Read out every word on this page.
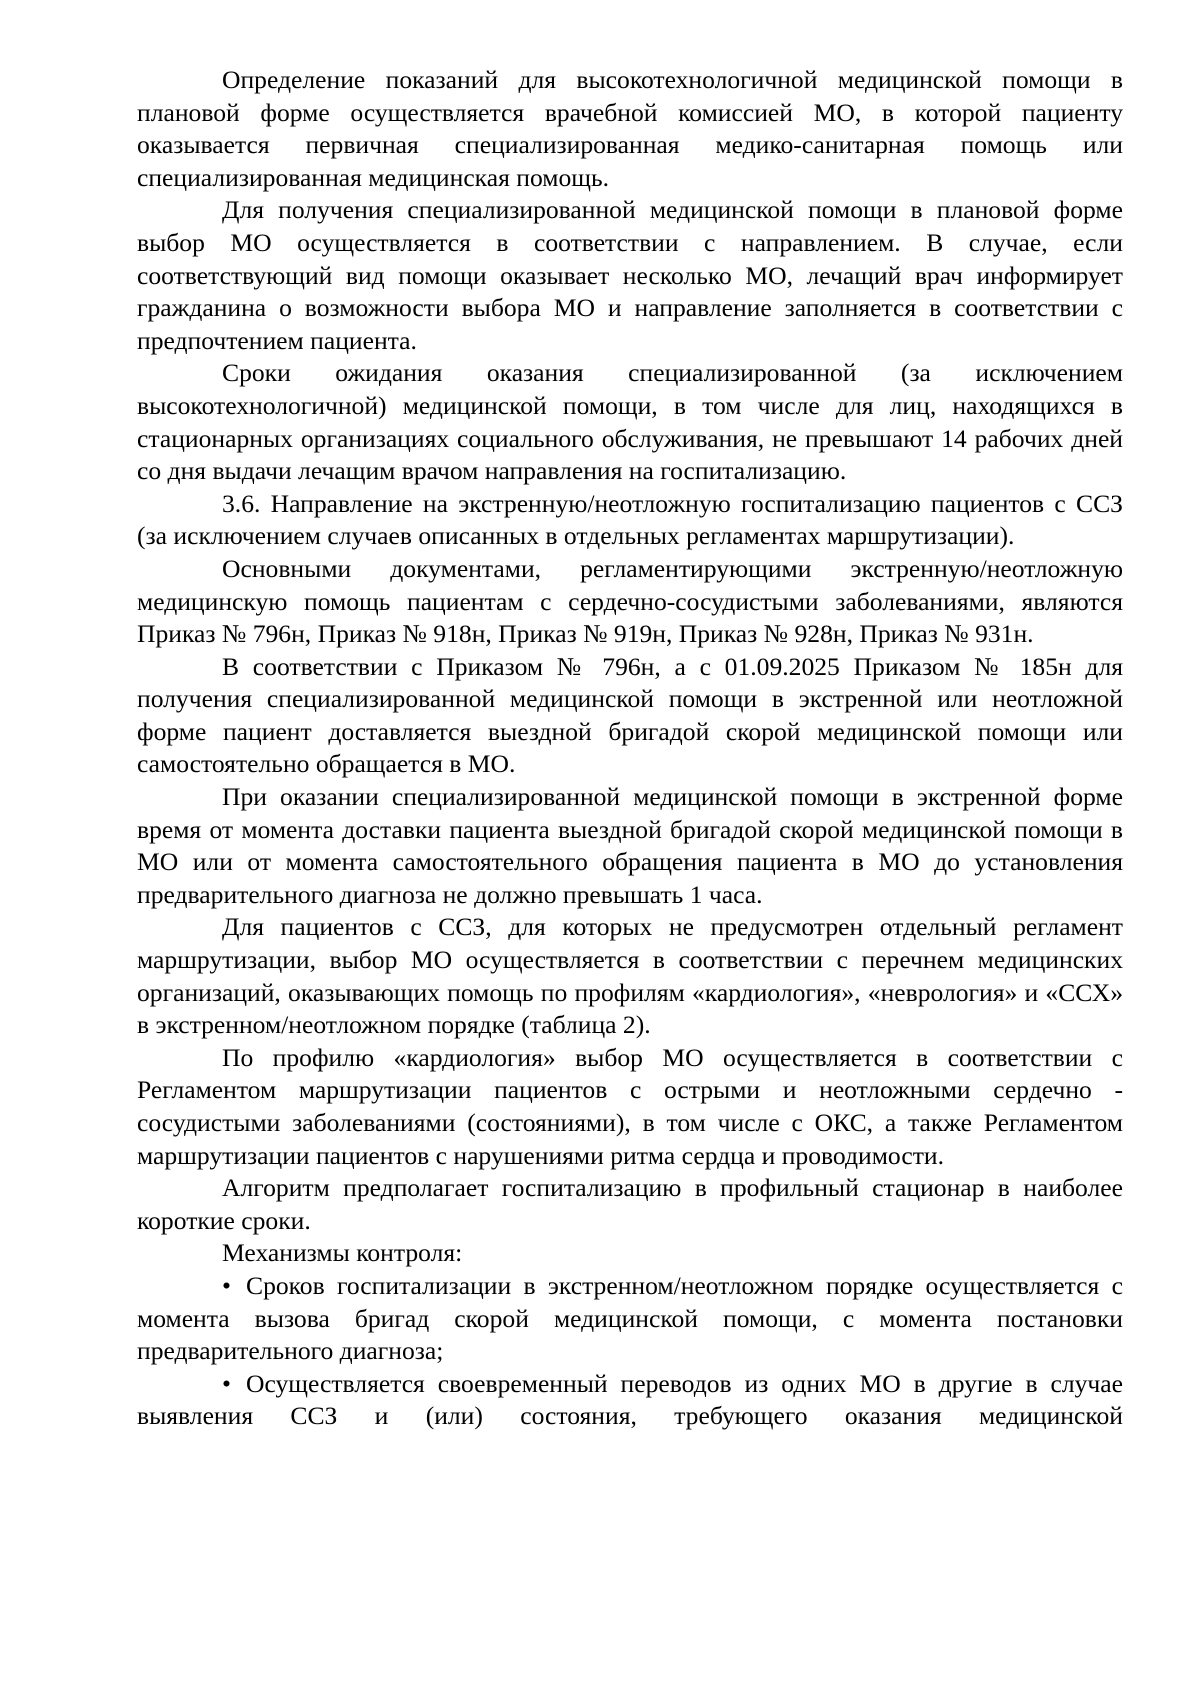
Определение показаний для высокотехнологичной медицинской помощи в плановой форме осуществляется врачебной комиссией МО, в которой пациенту оказывается первичная специализированная медико-санитарная помощь или специализированная медицинская помощь.

Для получения специализированной медицинской помощи в плановой форме выбор МО осуществляется в соответствии с направлением. В случае, если соответствующий вид помощи оказывает несколько МО, лечащий врач информирует гражданина о возможности выбора МО и направление заполняется в соответствии с предпочтением пациента.

Сроки ожидания оказания специализированной (за исключением высокотехнологичной) медицинской помощи, в том числе для лиц, находящихся в стационарных организациях социального обслуживания, не превышают 14 рабочих дней со дня выдачи лечащим врачом направления на госпитализацию.

3.6. Направление на экстренную/неотложную госпитализацию пациентов с ССЗ (за исключением случаев описанных в отдельных регламентах маршрутизации).

Основными документами, регламентирующими экстренную/неотложную медицинскую помощь пациентам с сердечно-сосудистыми заболеваниями, являются Приказ № 796н, Приказ № 918н, Приказ № 919н, Приказ № 928н, Приказ № 931н.

В соответствии с Приказом № 796н, а с 01.09.2025 Приказом № 185н для получения специализированной медицинской помощи в экстренной или неотложной форме пациент доставляется выездной бригадой скорой медицинской помощи или самостоятельно обращается в МО.

При оказании специализированной медицинской помощи в экстренной форме время от момента доставки пациента выездной бригадой скорой медицинской помощи в МО или от момента самостоятельного обращения пациента в МО до установления предварительного диагноза не должно превышать 1 часа.

Для пациентов с ССЗ, для которых не предусмотрен отдельный регламент маршрутизации, выбор МО осуществляется в соответствии с перечнем медицинских организаций, оказывающих помощь по профилям «кардиология», «неврология» и «ССХ» в экстренном/неотложном порядке (таблица 2).

По профилю «кардиология» выбор МО осуществляется в соответствии с Регламентом маршрутизации пациентов с острыми и неотложными сердечно - сосудистыми заболеваниями (состояниями), в том числе с ОКС, а также Регламентом маршрутизации пациентов с нарушениями ритма сердца и проводимости.

Алгоритм предполагает госпитализацию в профильный стационар в наиболее короткие сроки.

Механизмы контроля:

• Сроков госпитализации в экстренном/неотложном порядке осуществляется с момента вызова бригад скорой медицинской помощи, с момента постановки предварительного диагноза;

• Осуществляется своевременный переводов из одних МО в другие в случае выявления ССЗ и (или) состояния, требующего оказания медицинской
